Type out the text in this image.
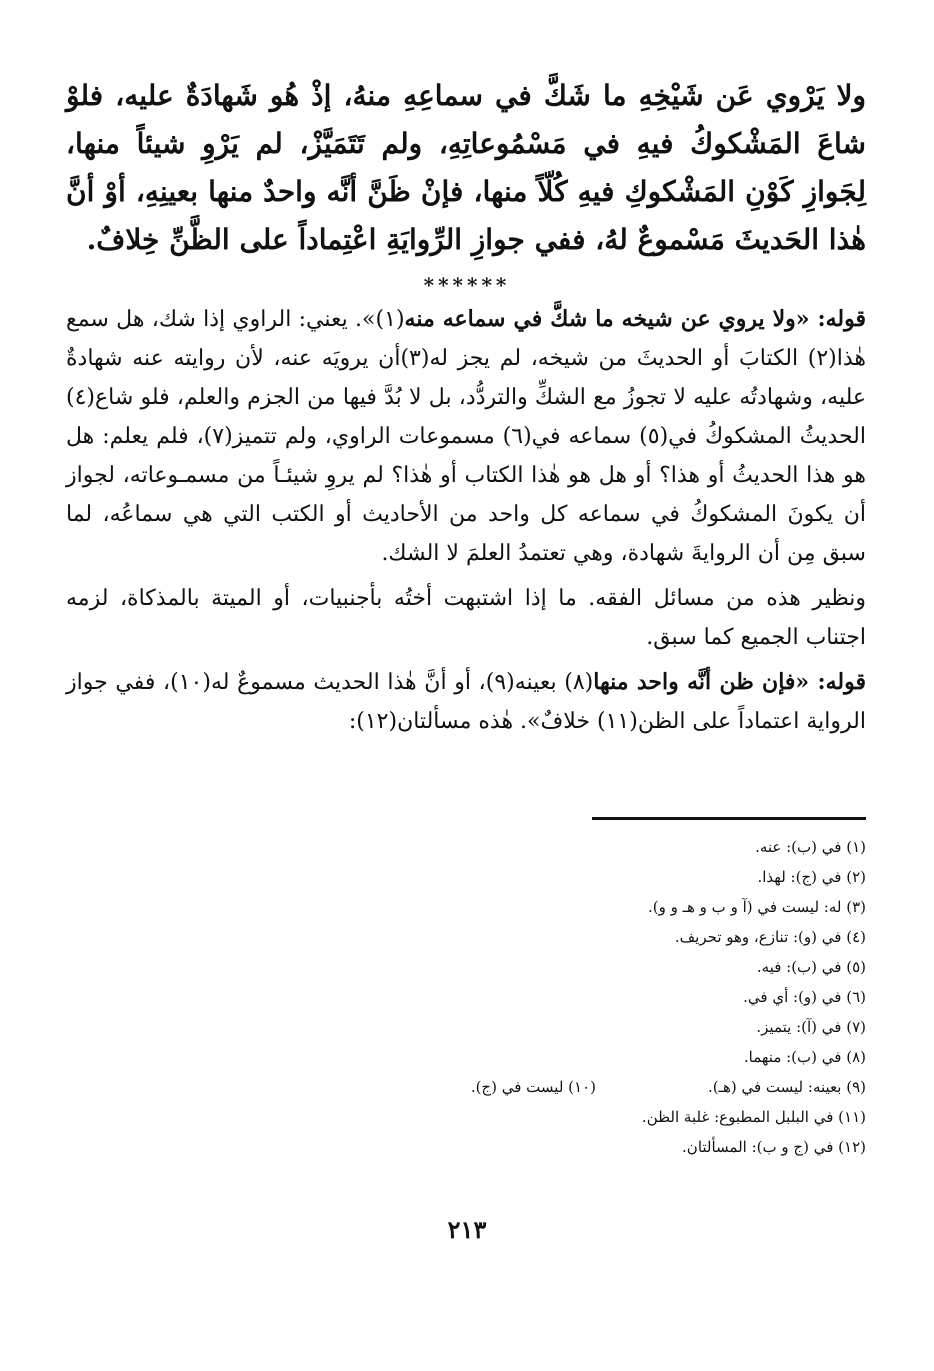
ولا يَرْوي عَن شَيْخِهِ ما شَكَّ في سماعِهِ منهُ، إذْ هُو شَهادَةٌ عليه، فلوْ شاعَ المَشْكوكُ فيهِ في مَسْمُوعاتِهِ، ولم تَتَمَيَّزْ، لم يَرْوِ شيئاً منها، لِجَوازِ كَوْنِ المَشْكوكِ فيهِ كُلّاً منها، فإنْ ظَنَّ أنَّه واحدٌ منها بعينِهِ، أوْ أنَّ هٰذا الحَديثَ مَسْموعٌ لهُ، ففي جوازِ الرِّوايَةِ اعْتِماداً على الظَّنِّ خِلافٌ.

******

قوله: «ولا يروي عن شيخه ما شكَّ في سماعه منه(١)». يعني: الراوي إذا شك، هل سمع هٰذا(٢) الكتابَ أو الحديثَ من شيخه، لم يجز له(٣)أن يرويَه عنه، لأن روايته عنه شهادةٌ عليه، وشهادتُه عليه لا تجوزُ مع الشكِّ والتردُّد، بل لا بُدَّ فيها من الجزم والعلم، فلو شاع(٤) الحديثُ المشكوكُ في(٥) سماعه في(٦) مسموعات الراوي، ولم تتميز(٧)، فلم يعلم: هل هو هذا الحديثُ أو هذا؟ أو هل هو هٰذا الكتاب أو هٰذا؟ لم يروِ شيئـاً من مسمـوعاته، لجواز أن يكونَ المشكوكُ في سماعه كل واحد من الأحاديث أو الكتب التي هي سماعُه، لما سبق مِن أن الروايةَ شهادة، وهي تعتمدُ العلمَ لا الشك.

ونظير هذه من مسائل الفقه. ما إذا اشتبهت أختُه بأجنبيات، أو الميتة بالمذكاة، لزمه اجتناب الجميع كما سبق.

قوله: «فإن ظن أنَّه واحد منها(٨) بعينه(٩)، أو أنَّ هٰذا الحديث مسموعٌ له(١٠)، ففي جواز الرواية اعتماداً على الظن(١١) خلافٌ». هٰذه مسألتان(١٢):

(١) في (ب): عنه.
(٢) في (ج): لهذا.
(٣) له: ليست في (آ و ب و هـ و و).
(٤) في (و): تنازع، وهو تحريف.
(٥) في (ب): فيه.
(٦) في (و): أي في.
(٧) في (آ): يتميز.
(٨) في (ب): منهما.
(٩) بعينه: ليست في (هـ).
(١٠) ليست في (ج).
(١١) في البلبل المطبوع: غلبة الظن.
(١٢) في (ج و ب): المسألتان.

٢١٣
